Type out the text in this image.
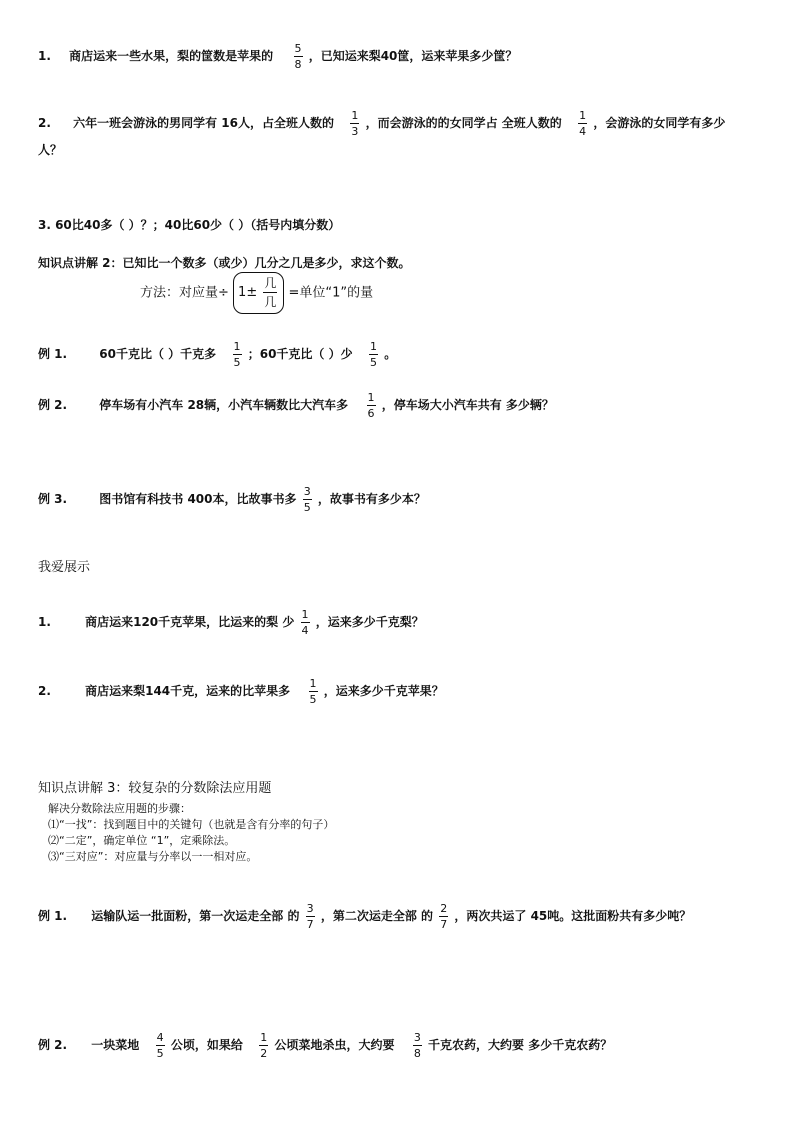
1. 商店运来一些水果，梨的筐数是苹果的 $\frac{5}{8}$ ，已知运来梨40筐，运来苹果多少筐？
2. 六年一班会游泳的男同学有 16人，占全班人数的 $\frac{1}{3}$ ，而会游泳的的女同学占 全班人数的 $\frac{1}{4}$ ，会游泳的女同学有多少
人？
3. 60比40多（ ）？；40比60少（ ）（括号内填分数）
知识点讲解 2：已知比一个数多（或少）几分之几是多少，求这个数。
方法：对应量÷ $1\pm \frac{\text{几}}{\text{几}}$ =单位“1”的量
例 1.	60千克比（ ）千克多 $\frac{1}{5}$ ；60千克比（ ）少 $\frac{1}{5}$ 。
例 2.	停车场有小汽车 28辆，小汽车辆数比大汽车多 $\frac{1}{6}$ ，停车场大小汽车共有 多少辆？
例 3.	图书馆有科技书 400本，比故事书多 $\frac{3}{5}$ ，故事书有多少本？
我爱展示
1.	商店运来120千克苹果，比运来的梨 少 $\frac{1}{4}$ ，运来多少千克梨？
2.	商店运来梨144千克，运来的比苹果多 $\frac{1}{5}$ ，运来多少千克苹果？
知识点讲解 3：较复杂的分数除法应用题
解决分数除法应用题的步骤：
⑴“一找”：找到题目中的关键句（也就是含有分率的句子）
⑵“二定”，确定单位 “1”，定乘除法。
⑶“三对应”：对应量与分率以一一相对应。
例 1. 运输队运一批面粉，第一次运走全部 的 $\frac{3}{7}$ ，第二次运走全部 的 $\frac{2}{7}$ ，两次共运了 45吨。这批面粉共有多少吨？
例 2. 一块菜地 $\frac{4}{5}$ 公顷，如果给 $\frac{1}{2}$ 公顷菜地杀虫，大约要 $\frac{3}{8}$ 千克农药，大约要 多少千克农药？
